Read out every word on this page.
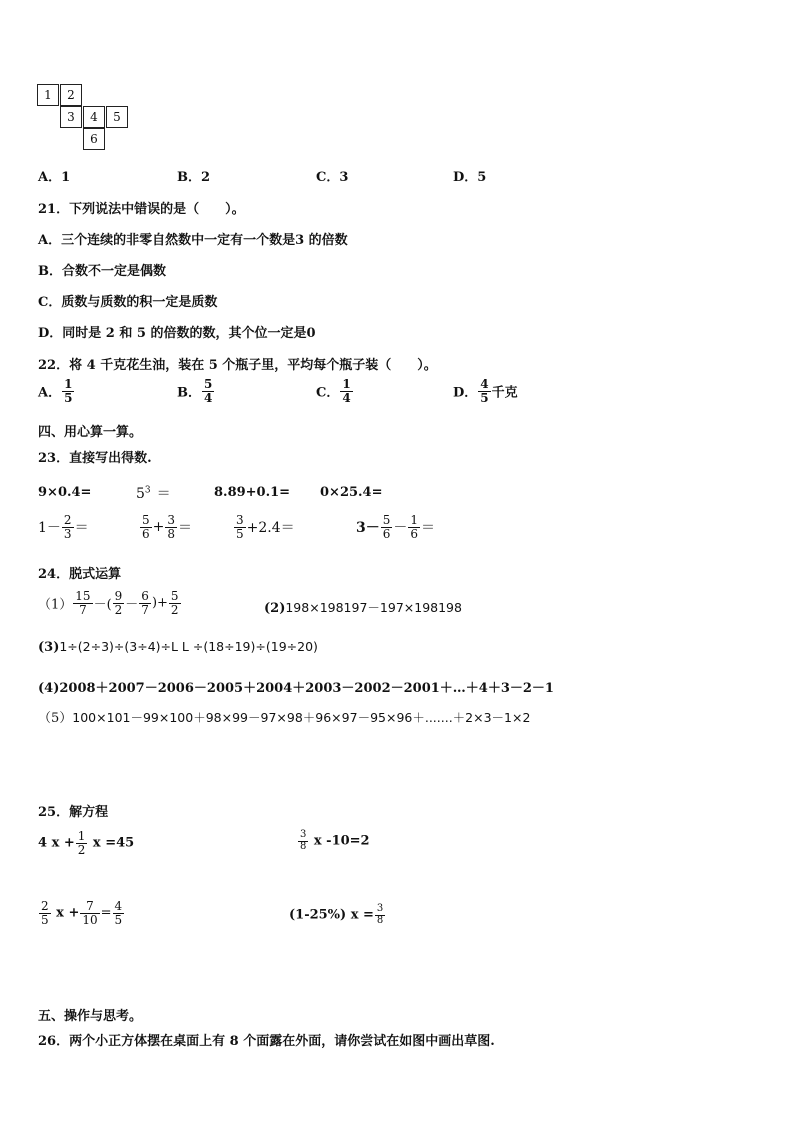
1	2
3	4	5
6
A．1	B．2	C．3	D．5
21．下列说法中错误的是（　　）。
A．三个连续的非零自然数中一定有一个数是3 的倍数
B．合数不一定是偶数
C．质数与质数的积一定是质数
D．同时是 2 和 5 的倍数的数，其个位一定是0
22．将 4 千克花生油，装在 5 个瓶子里，平均每个瓶子装（　　）。
A． $\frac{1}{5}$	B． $\frac{5}{4}$	C． $\frac{1}{4}$	D． $\frac{4}{5}$ 千克
四、用心算一算。
23．直接写出得数.
9×0.4=	$5^3$ ＝	8.89+0.1= 0×25.4=
$1- \frac{2}{3}$ ＝	$\frac{5}{6} + \frac{3}{8}$ ＝	$\frac{3}{5} +2.4=$	$3- \frac{5}{6} - \frac{1}{6}$ ＝
24．脱式运算
$(1) \frac{15}{7}$ －( $\frac{9}{2} - \frac{6}{7}$ )+ $\frac{5}{2}$	(2)198×198197－197×198198
(3)1÷(2÷3)÷(3÷4)÷L L ÷(18÷19)÷(19÷20)
(4)2008＋2007－2006－2005＋2004＋2003－2002－2001＋…＋4＋3－2－1
（5）100×101－99×100＋98×99－97×98＋96×97－95×96＋.......＋2×3－1×2
25．解方程
4 $x + \frac{1}{2}$ x =45	$\frac{3}{8}$ x -10=2
$\frac{2}{5}$ $x + \frac{7}{10} = \frac{4}{5}$	(1-25%) $x = \frac{3}{8}$
五、操作与思考。
26．两个小正方体摆在桌面上有 8 个面露在外面，请你尝试在如图中画出草图.
